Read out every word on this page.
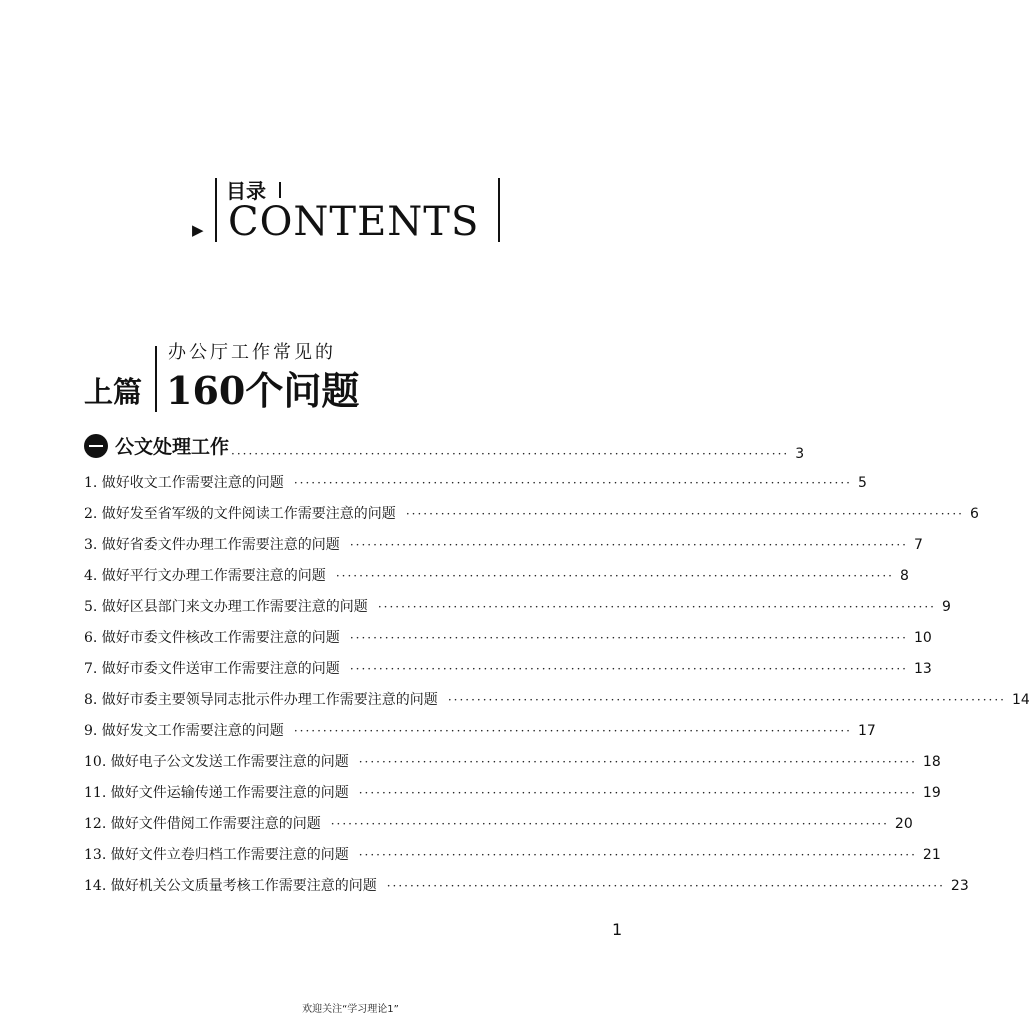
▶
目录
CONTENTS
上篇
办公厅工作常见的
160个问题
公文处理工作 ································································································ 3
1. 做好收文工作需要注意的问题 ································································································ 5
2. 做好发至省军级的文件阅读工作需要注意的问题 ································································································ 6
3. 做好省委文件办理工作需要注意的问题 ································································································ 7
4. 做好平行文办理工作需要注意的问题 ································································································ 8
5. 做好区县部门来文办理工作需要注意的问题 ································································································ 9
6. 做好市委文件核改工作需要注意的问题 ································································································ 10
7. 做好市委文件送审工作需要注意的问题 ································································································ 13
8. 做好市委主要领导同志批示件办理工作需要注意的问题 ································································································ 14
9. 做好发文工作需要注意的问题 ································································································ 17
10. 做好电子公文发送工作需要注意的问题 ································································································ 18
11. 做好文件运输传递工作需要注意的问题 ································································································ 19
12. 做好文件借阅工作需要注意的问题 ································································································ 20
13. 做好文件立卷归档工作需要注意的问题 ································································································ 21
14. 做好机关公文质量考核工作需要注意的问题 ································································································ 23
1
欢迎关注“学习理论1”
